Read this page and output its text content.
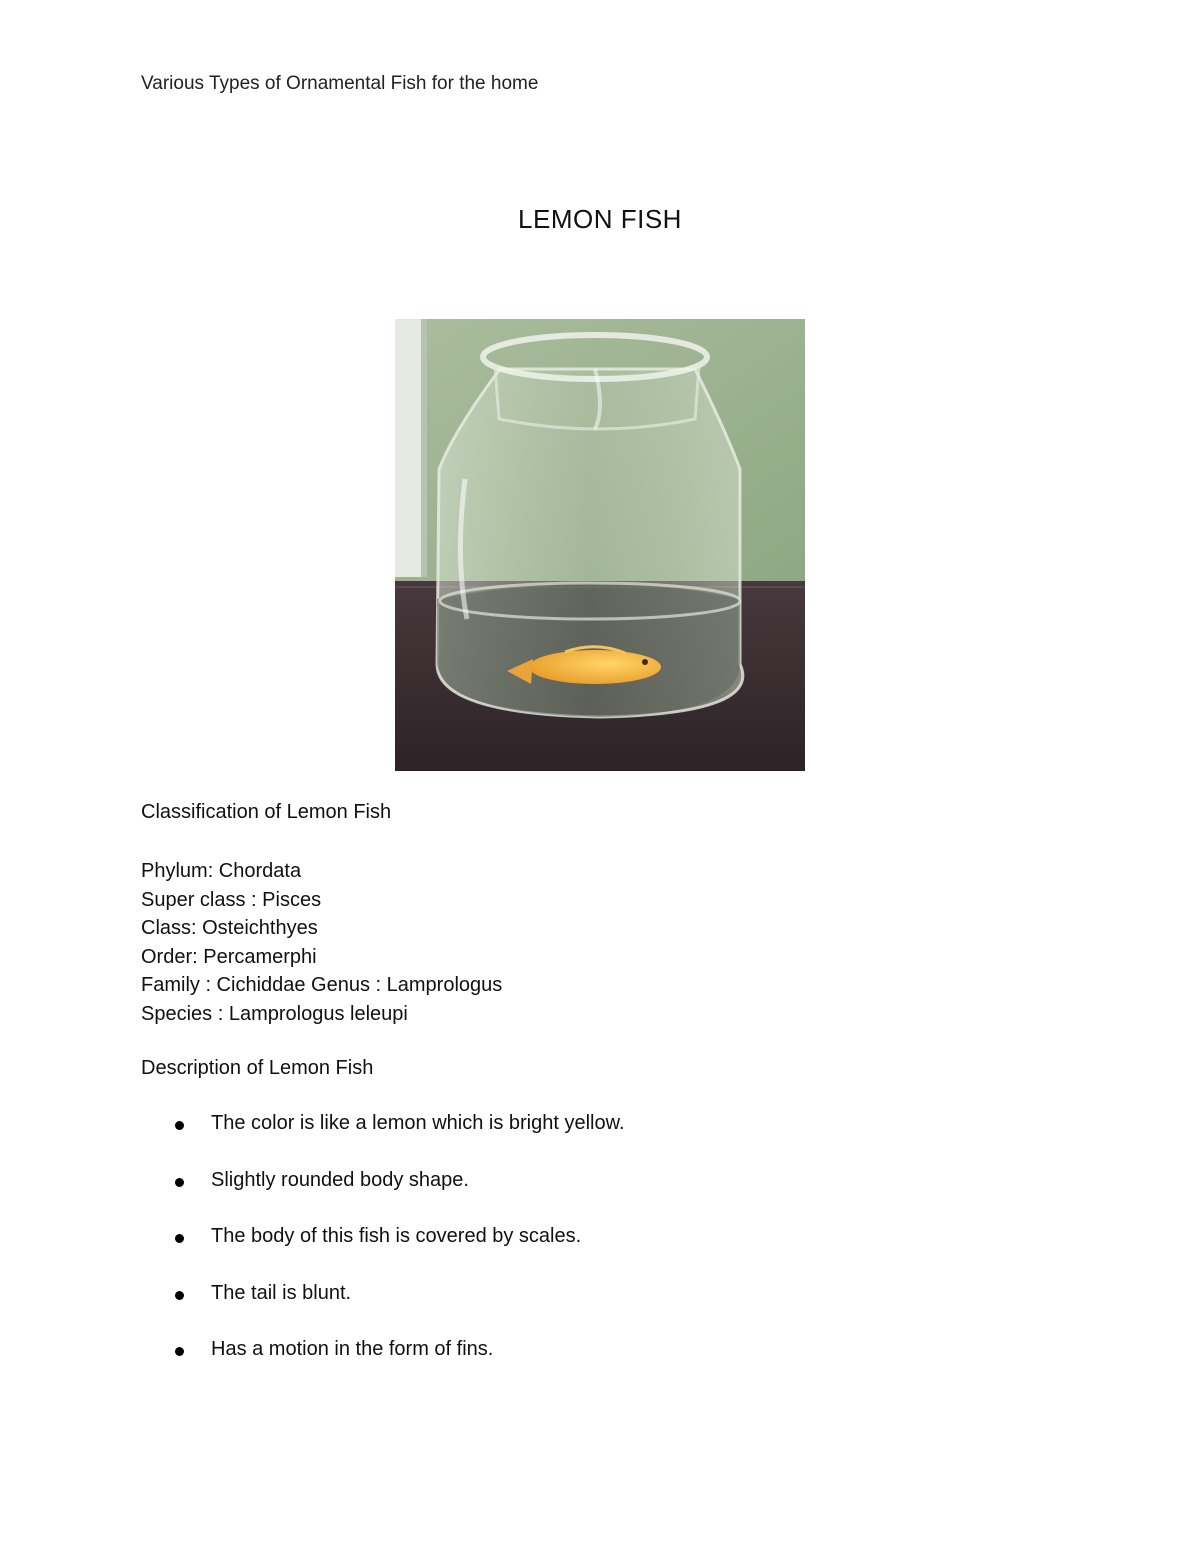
Various Types of Ornamental Fish for the home
LEMON FISH
Classification of Lemon Fish
Phylum: Chordata
Super class : Pisces
Class: Osteichthyes
Order: Percamerphi
Family : Cichiddae Genus : Lamprologus
Species : Lamprologus leleupi
Description of Lemon Fish
The color is like a lemon which is bright yellow.
Slightly rounded body shape.
The body of this fish is covered by scales.
The tail is blunt.
Has a motion in the form of fins.
